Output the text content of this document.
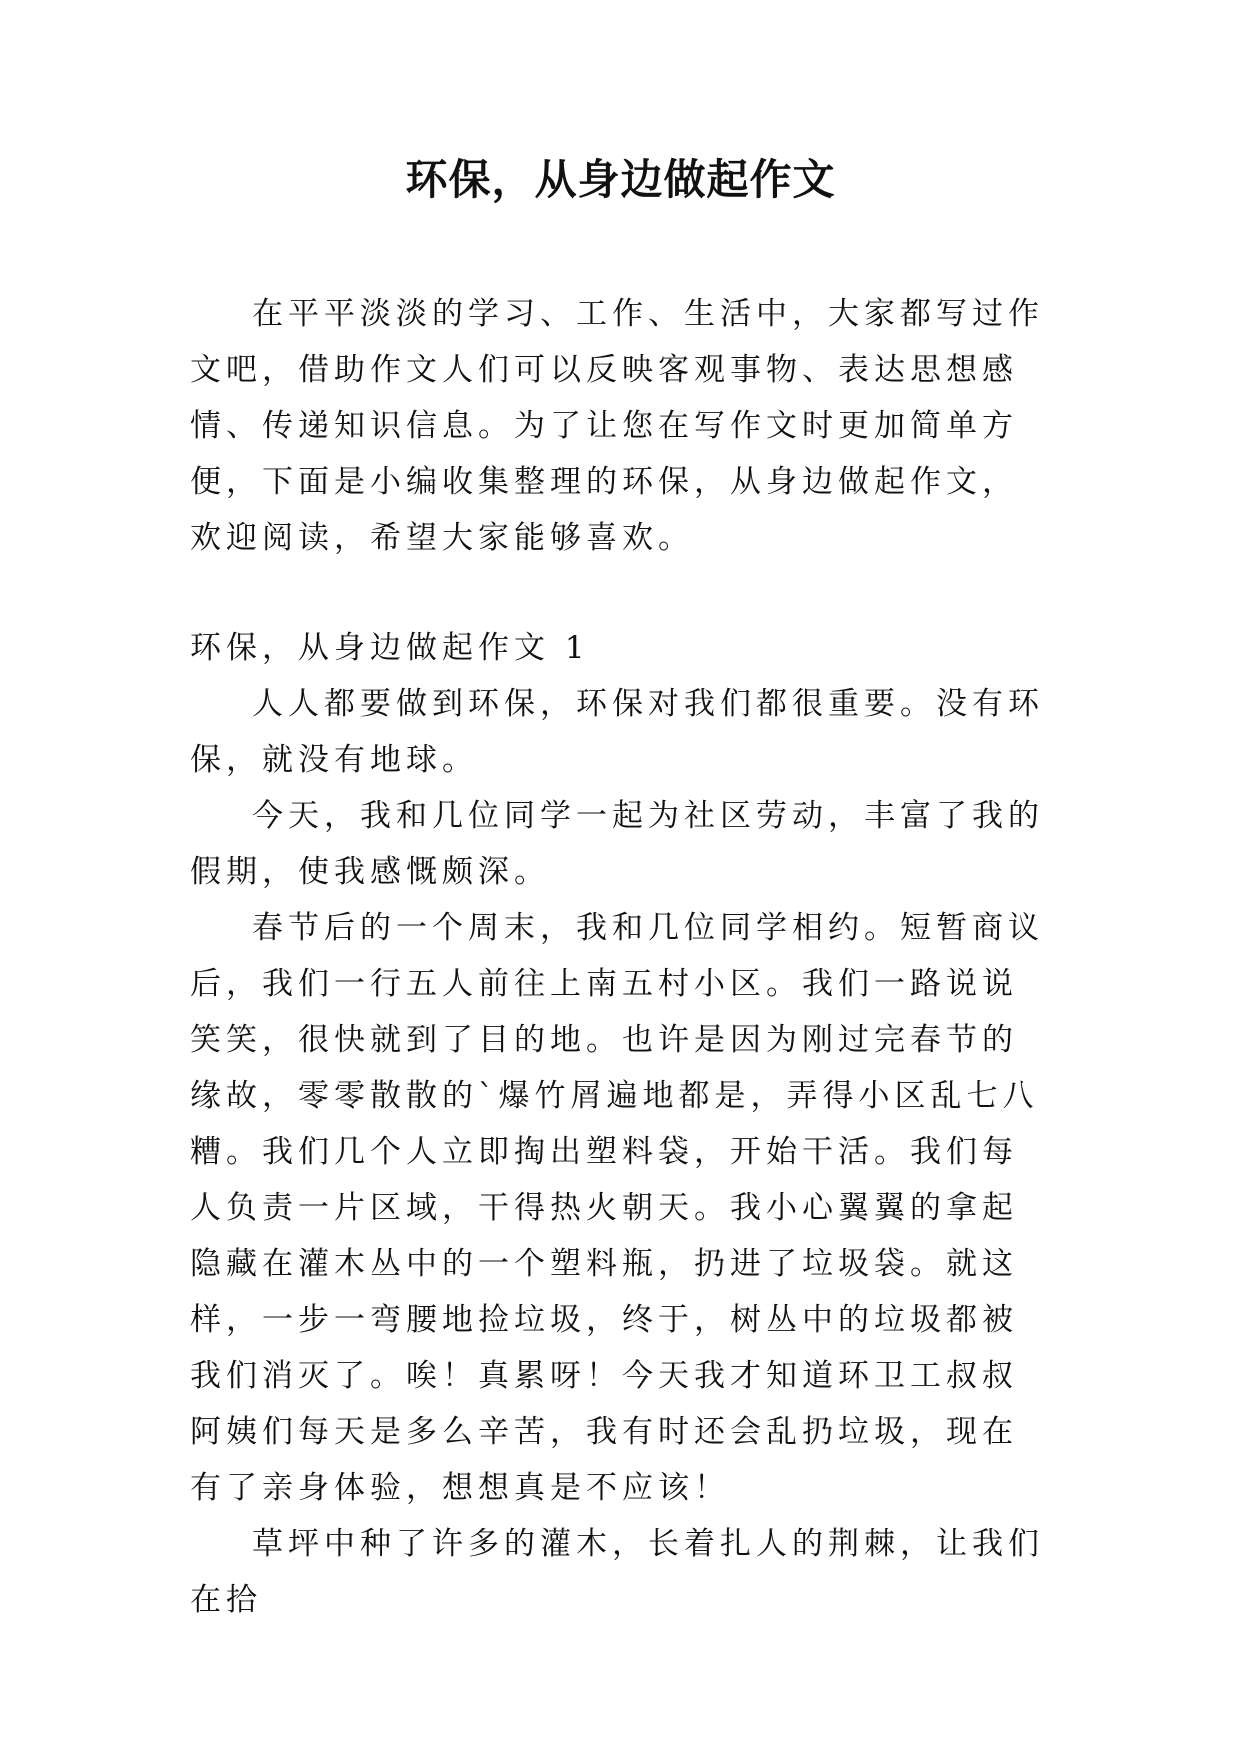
环保，从身边做起作文

在平平淡淡的学习、工作、生活中，大家都写过作文吧，借助作文人们可以反映客观事物、表达思想感情、传递知识信息。为了让您在写作文时更加简单方便，下面是小编收集整理的环保，从身边做起作文，欢迎阅读，希望大家能够喜欢。

环保，从身边做起作文 1

人人都要做到环保，环保对我们都很重要。没有环保，就没有地球。

今天，我和几位同学一起为社区劳动，丰富了我的假期，使我感慨颇深。

春节后的一个周末，我和几位同学相约。短暂商议后，我们一行五人前往上南五村小区。我们一路说说笑笑，很快就到了目的地。也许是因为刚过完春节的缘故，零零散散的`爆竹屑遍地都是，弄得小区乱七八糟。我们几个人立即掏出塑料袋，开始干活。我们每人负责一片区域，干得热火朝天。我小心翼翼的拿起隐藏在灌木丛中的一个塑料瓶，扔进了垃圾袋。就这样，一步一弯腰地捡垃圾，终于，树丛中的垃圾都被我们消灭了。唉！真累呀！今天我才知道环卫工叔叔阿姨们每天是多么辛苦，我有时还会乱扔垃圾，现在有了亲身体验，想想真是不应该！

草坪中种了许多的灌木，长着扎人的荆棘，让我们在拾
